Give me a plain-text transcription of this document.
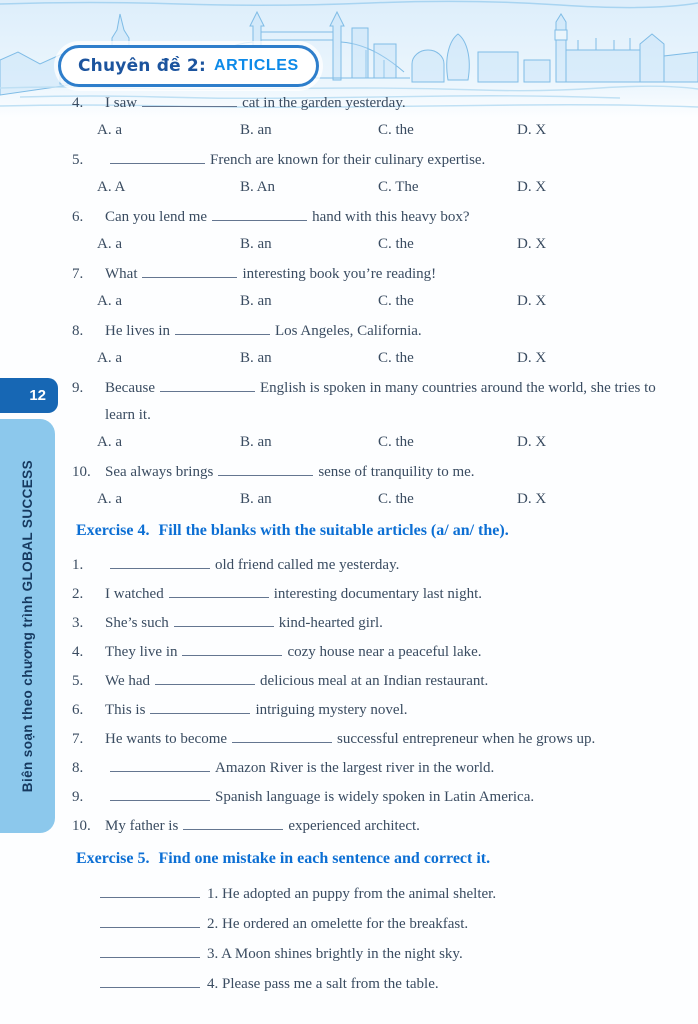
Chuyên đề 2: ARTICLES
12
Biên soạn theo chương trình GLOBAL SUCCESS
4.	I saw	cat in the garden yesterday.
A. a	B. an	C. the	D. X
5.	French are known for their culinary expertise.
A. A	B. An	C. The	D. X
6.	Can you lend me	hand with this heavy box?
A. a	B. an	C. the	D. X
7.	What	interesting book you’re reading!
A. a	B. an	C. the	D. X
8.	He lives in	Los Angeles, California.
A. a	B. an	C. the	D. X
9.	Because	English is spoken in many countries around the world, she tries to learn it.
A. a	B. an	C. the	D. X
10. Sea always brings	sense of tranquility to me.
A. a	B. an	C. the	D. X
Exercise 4. Fill the blanks with the suitable articles (a/ an/ the).
1.	old friend called me yesterday.
2.	I watched	interesting documentary last night.
3.	She’s such	kind-hearted girl.
4.	They live in	cozy house near a peaceful lake.
5.	We had	delicious meal at an Indian restaurant.
6.	This is	intriguing mystery novel.
7.	He wants to become	successful entrepreneur when he grows up.
8.	Amazon River is the largest river in the world.
9.	Spanish language is widely spoken in Latin America.
10. My father is	experienced architect.
Exercise 5. Find one mistake in each sentence and correct it.
1. He adopted an puppy from the animal shelter.
2. He ordered an omelette for the breakfast.
3. A Moon shines brightly in the night sky.
4. Please pass me a salt from the table.
